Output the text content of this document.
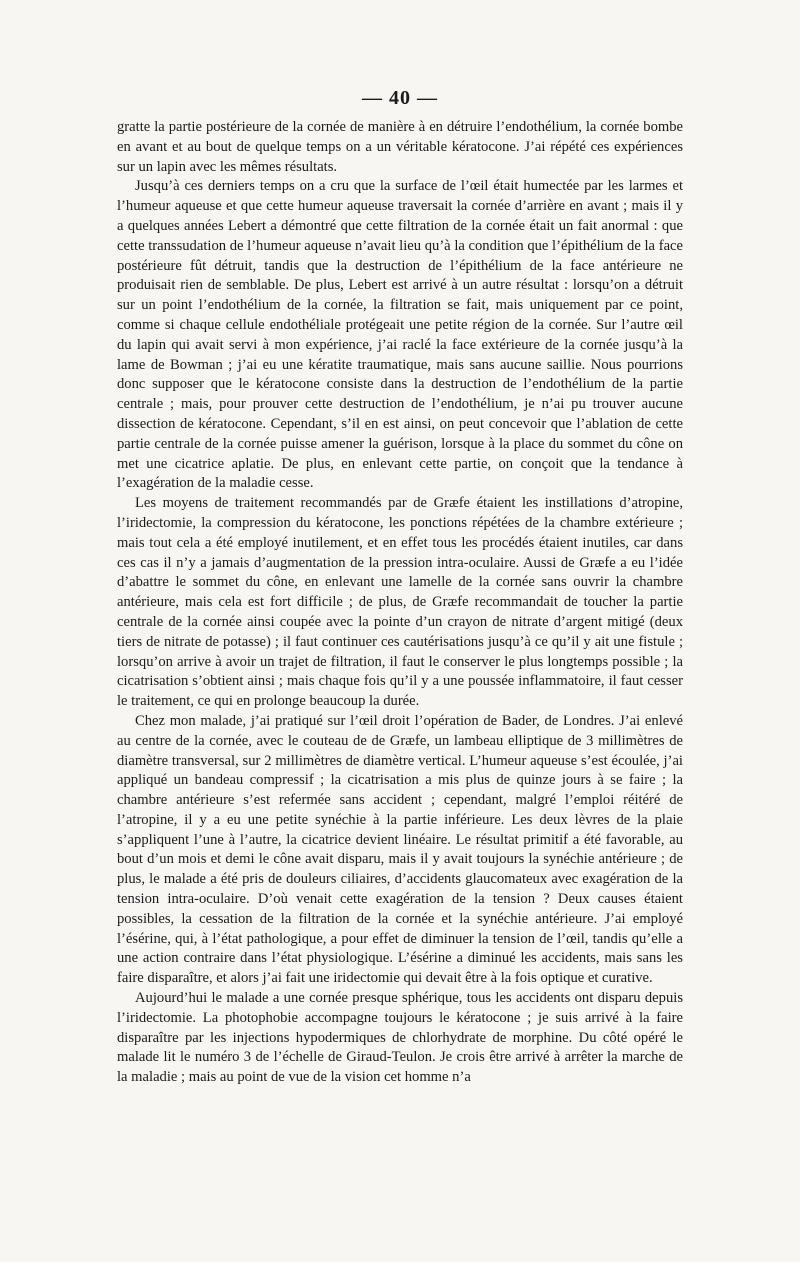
— 40 —

gratte la partie postérieure de la cornée de manière à en détruire l’endothélium, la cornée bombe en avant et au bout de quelque temps on a un véritable kératocone. J’ai répété ces expériences sur un lapin avec les mêmes résultats.

Jusqu’à ces derniers temps on a cru que la surface de l’œil était humectée par les larmes et l’humeur aqueuse et que cette humeur aqueuse traversait la cornée d’arrière en avant ; mais il y a quelques années Lebert a démontré que cette filtration de la cornée était un fait anormal : que cette transsudation de l’humeur aqueuse n’avait lieu qu’à la condition que l’épithélium de la face postérieure fût détruit, tandis que la destruction de l’épithélium de la face antérieure ne produisait rien de semblable. De plus, Lebert est arrivé à un autre résultat : lorsqu’on a détruit sur un point l’endothélium de la cornée, la filtration se fait, mais uniquement par ce point, comme si chaque cellule endothéliale protégeait une petite région de la cornée. Sur l’autre œil du lapin qui avait servi à mon expérience, j’ai raclé la face extérieure de la cornée jusqu’à la lame de Bowman ; j’ai eu une kératite traumatique, mais sans aucune saillie. Nous pourrions donc supposer que le kératocone consiste dans la destruction de l’endothélium de la partie centrale ; mais, pour prouver cette destruction de l’endothélium, je n’ai pu trouver aucune dissection de kératocone. Cependant, s’il en est ainsi, on peut concevoir que l’ablation de cette partie centrale de la cornée puisse amener la guérison, lorsque à la place du sommet du cône on met une cicatrice aplatie. De plus, en enlevant cette partie, on conçoit que la tendance à l’exagération de la maladie cesse.

Les moyens de traitement recommandés par de Græfe étaient les instillations d’atropine, l’iridectomie, la compression du kératocone, les ponctions répétées de la chambre extérieure ; mais tout cela a été employé inutilement, et en effet tous les procédés étaient inutiles, car dans ces cas il n’y a jamais d’augmentation de la pression intra-oculaire. Aussi de Græfe a eu l’idée d’abattre le sommet du cône, en enlevant une lamelle de la cornée sans ouvrir la chambre antérieure, mais cela est fort difficile ; de plus, de Græfe recommandait de toucher la partie centrale de la cornée ainsi coupée avec la pointe d’un crayon de nitrate d’argent mitigé (deux tiers de nitrate de potasse) ; il faut continuer ces cautérisations jusqu’à ce qu’il y ait une fistule ; lorsqu’on arrive à avoir un trajet de filtration, il faut le conserver le plus longtemps possible ; la cicatrisation s’obtient ainsi ; mais chaque fois qu’il y a une poussée inflammatoire, il faut cesser le traitement, ce qui en prolonge beaucoup la durée.

Chez mon malade, j’ai pratiqué sur l’œil droit l’opération de Bader, de Londres. J’ai enlevé au centre de la cornée, avec le couteau de de Græfe, un lambeau elliptique de 3 millimètres de diamètre transversal, sur 2 millimètres de diamètre vertical. L’humeur aqueuse s’est écoulée, j’ai appliqué un bandeau compressif ; la cicatrisation a mis plus de quinze jours à se faire ; la chambre antérieure s’est refermée sans accident ; cependant, malgré l’emploi réitéré de l’atropine, il y a eu une petite synéchie à la partie inférieure. Les deux lèvres de la plaie s’appliquent l’une à l’autre, la cicatrice devient linéaire. Le résultat primitif a été favorable, au bout d’un mois et demi le cône avait disparu, mais il y avait toujours la synéchie antérieure ; de plus, le malade a été pris de douleurs ciliaires, d’accidents glaucomateux avec exagération de la tension intra-oculaire. D’où venait cette exagération de la tension ? Deux causes étaient possibles, la cessation de la filtration de la cornée et la synéchie antérieure. J’ai employé l’ésérine, qui, à l’état pathologique, a pour effet de diminuer la tension de l’œil, tandis qu’elle a une action contraire dans l’état physiologique. L’ésérine a diminué les accidents, mais sans les faire disparaître, et alors j’ai fait une iridectomie qui devait être à la fois optique et curative.

Aujourd’hui le malade a une cornée presque sphérique, tous les accidents ont disparu depuis l’iridectomie. La photophobie accompagne toujours le kératocone ; je suis arrivé à la faire disparaître par les injections hypodermiques de chlorhydrate de morphine. Du côté opéré le malade lit le numéro 3 de l’échelle de Giraud-Teulon. Je crois être arrivé à arrêter la marche de la maladie ; mais au point de vue de la vision cet homme n’a
